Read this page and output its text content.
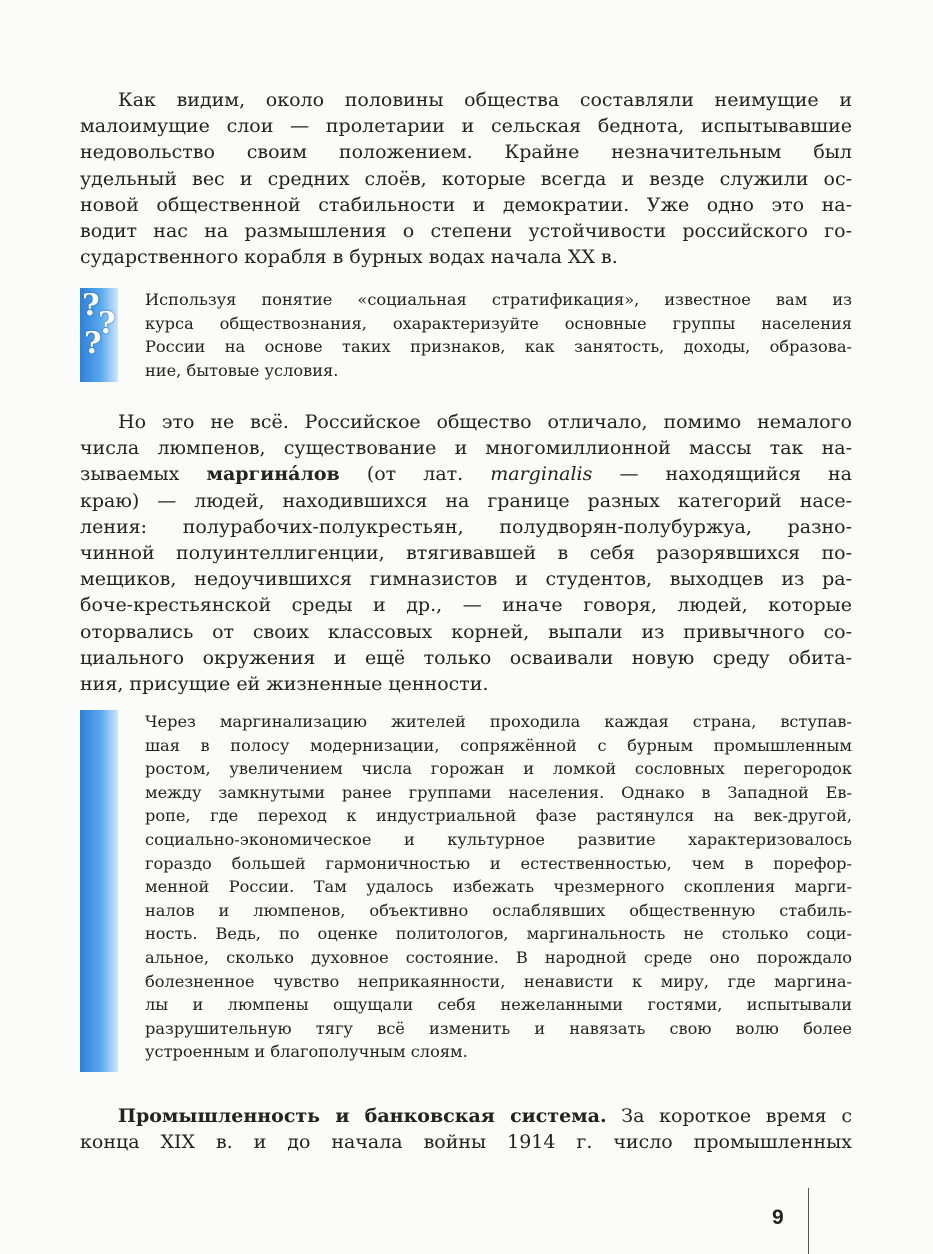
Как видим, около половины общества составляли неимущие и
малоимущие слои — пролетарии и сельская беднота, испытывавшие
недовольство своим положением. Крайне незначительным был
удельный вес и средних слоёв, которые всегда и везде служили ос-
новой общественной стабильности и демократии. Уже одно это на-
водит нас на размышления о степени устойчивости российского го-
сударственного корабля в бурных водах начала XX в.
?
?
?
Используя понятие «социальная стратификация», известное вам из
курса обществознания, охарактеризуйте основные группы населения
России на основе таких признаков, как занятость, доходы, образова-
ние, бытовые условия.
Но это не всё. Российское общество отличало, помимо немалого
числа люмпенов, существование и многомиллионной массы так на-
зываемых маргина́лов (от лат. marginalis — находящийся на
краю) — людей, находившихся на границе разных категорий насе-
ления: полурабочих-полукрестьян, полудворян-полубуржуа, разно-
чинной полуинтеллигенции, втягивавшей в себя разорявшихся по-
мещиков, недоучившихся гимназистов и студентов, выходцев из ра-
боче-крестьянской среды и др., — иначе говоря, людей, которые
оторвались от своих классовых корней, выпали из привычного со-
циального окружения и ещё только осваивали новую среду обита-
ния, присущие ей жизненные ценности.
Через маргинализацию жителей проходила каждая страна, вступав-
шая в полосу модернизации, сопряжённой с бурным промышленным
ростом, увеличением числа горожан и ломкой сословных перегородок
между замкнутыми ранее группами населения. Однако в Западной Ев-
ропе, где переход к индустриальной фазе растянулся на век-другой,
социально-экономическое и культурное развитие характеризовалось
гораздо большей гармоничностью и естественностью, чем в порефор-
менной России. Там удалось избежать чрезмерного скопления марги-
налов и люмпенов, объективно ослаблявших общественную стабиль-
ность. Ведь, по оценке политологов, маргинальность не столько соци-
альное, сколько духовное состояние. В народной среде оно порождало
болезненное чувство неприкаянности, ненависти к миру, где маргина-
лы и люмпены ощущали себя нежеланными гостями, испытывали
разрушительную тягу всё изменить и навязать свою волю более
устроенным и благополучным слоям.
Промышленность и банковская система. За короткое время с
конца XIX в. и до начала войны 1914 г. число промышленных
9
